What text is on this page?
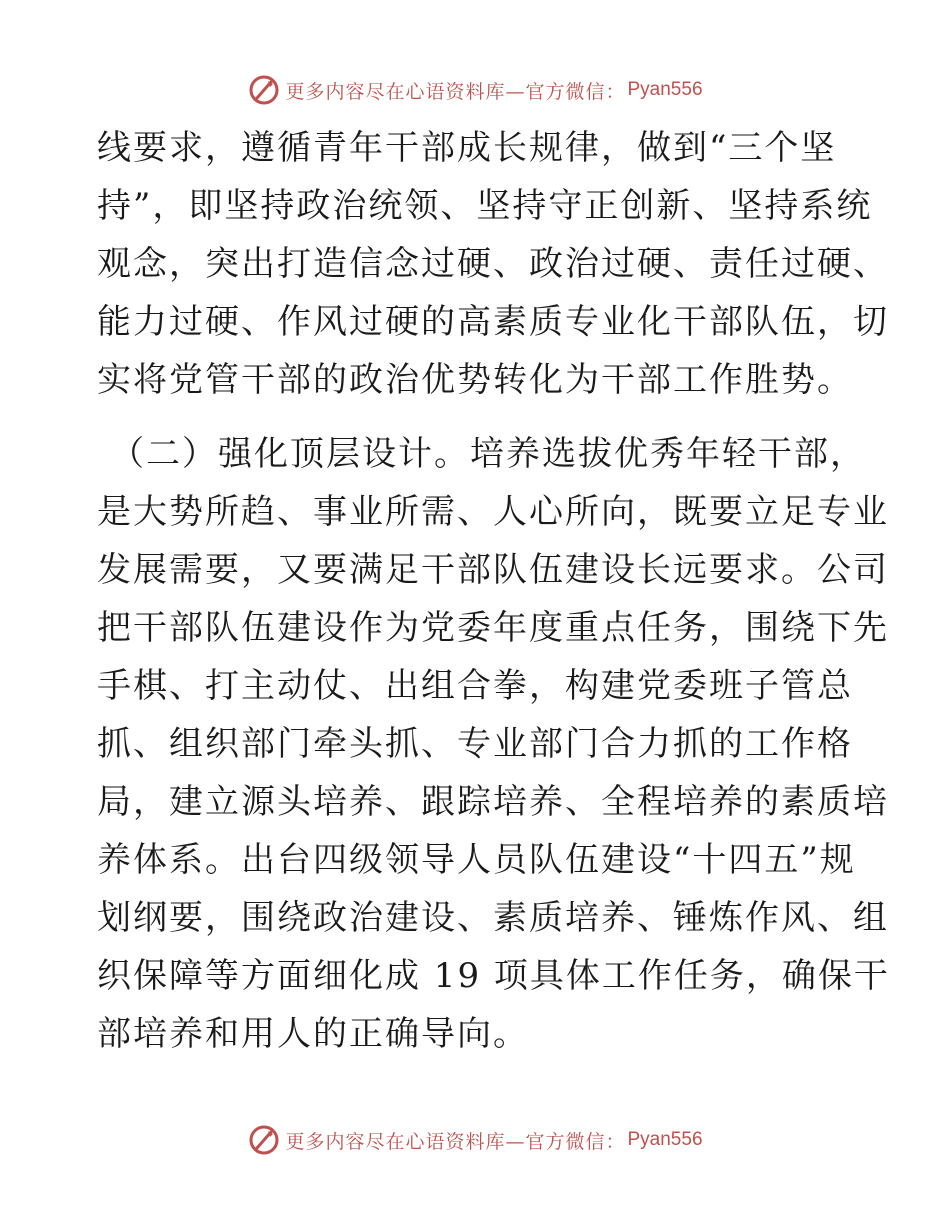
更多内容尽在心语资料库—官方微信： Pyan556
线要求，遵循青年干部成长规律，做到“三个坚
持”，即坚持政治统领、坚持守正创新、坚持系统
观念，突出打造信念过硬、政治过硬、责任过硬、
能力过硬、作风过硬的高素质专业化干部队伍，切
实将党管干部的政治优势转化为干部工作胜势。
（二）强化顶层设计。培养选拔优秀年轻干部，
是大势所趋、事业所需、人心所向，既要立足专业
发展需要，又要满足干部队伍建设长远要求。公司
把干部队伍建设作为党委年度重点任务，围绕下先
手棋、打主动仗、出组合拳，构建党委班子管总
抓、组织部门牵头抓、专业部门合力抓的工作格
局，建立源头培养、跟踪培养、全程培养的素质培
养体系。出台四级领导人员队伍建设“十四五”规
划纲要，围绕政治建设、素质培养、锤炼作风、组
织保障等方面细化成 19 项具体工作任务，确保干
部培养和用人的正确导向。
更多内容尽在心语资料库—官方微信： Pyan556
